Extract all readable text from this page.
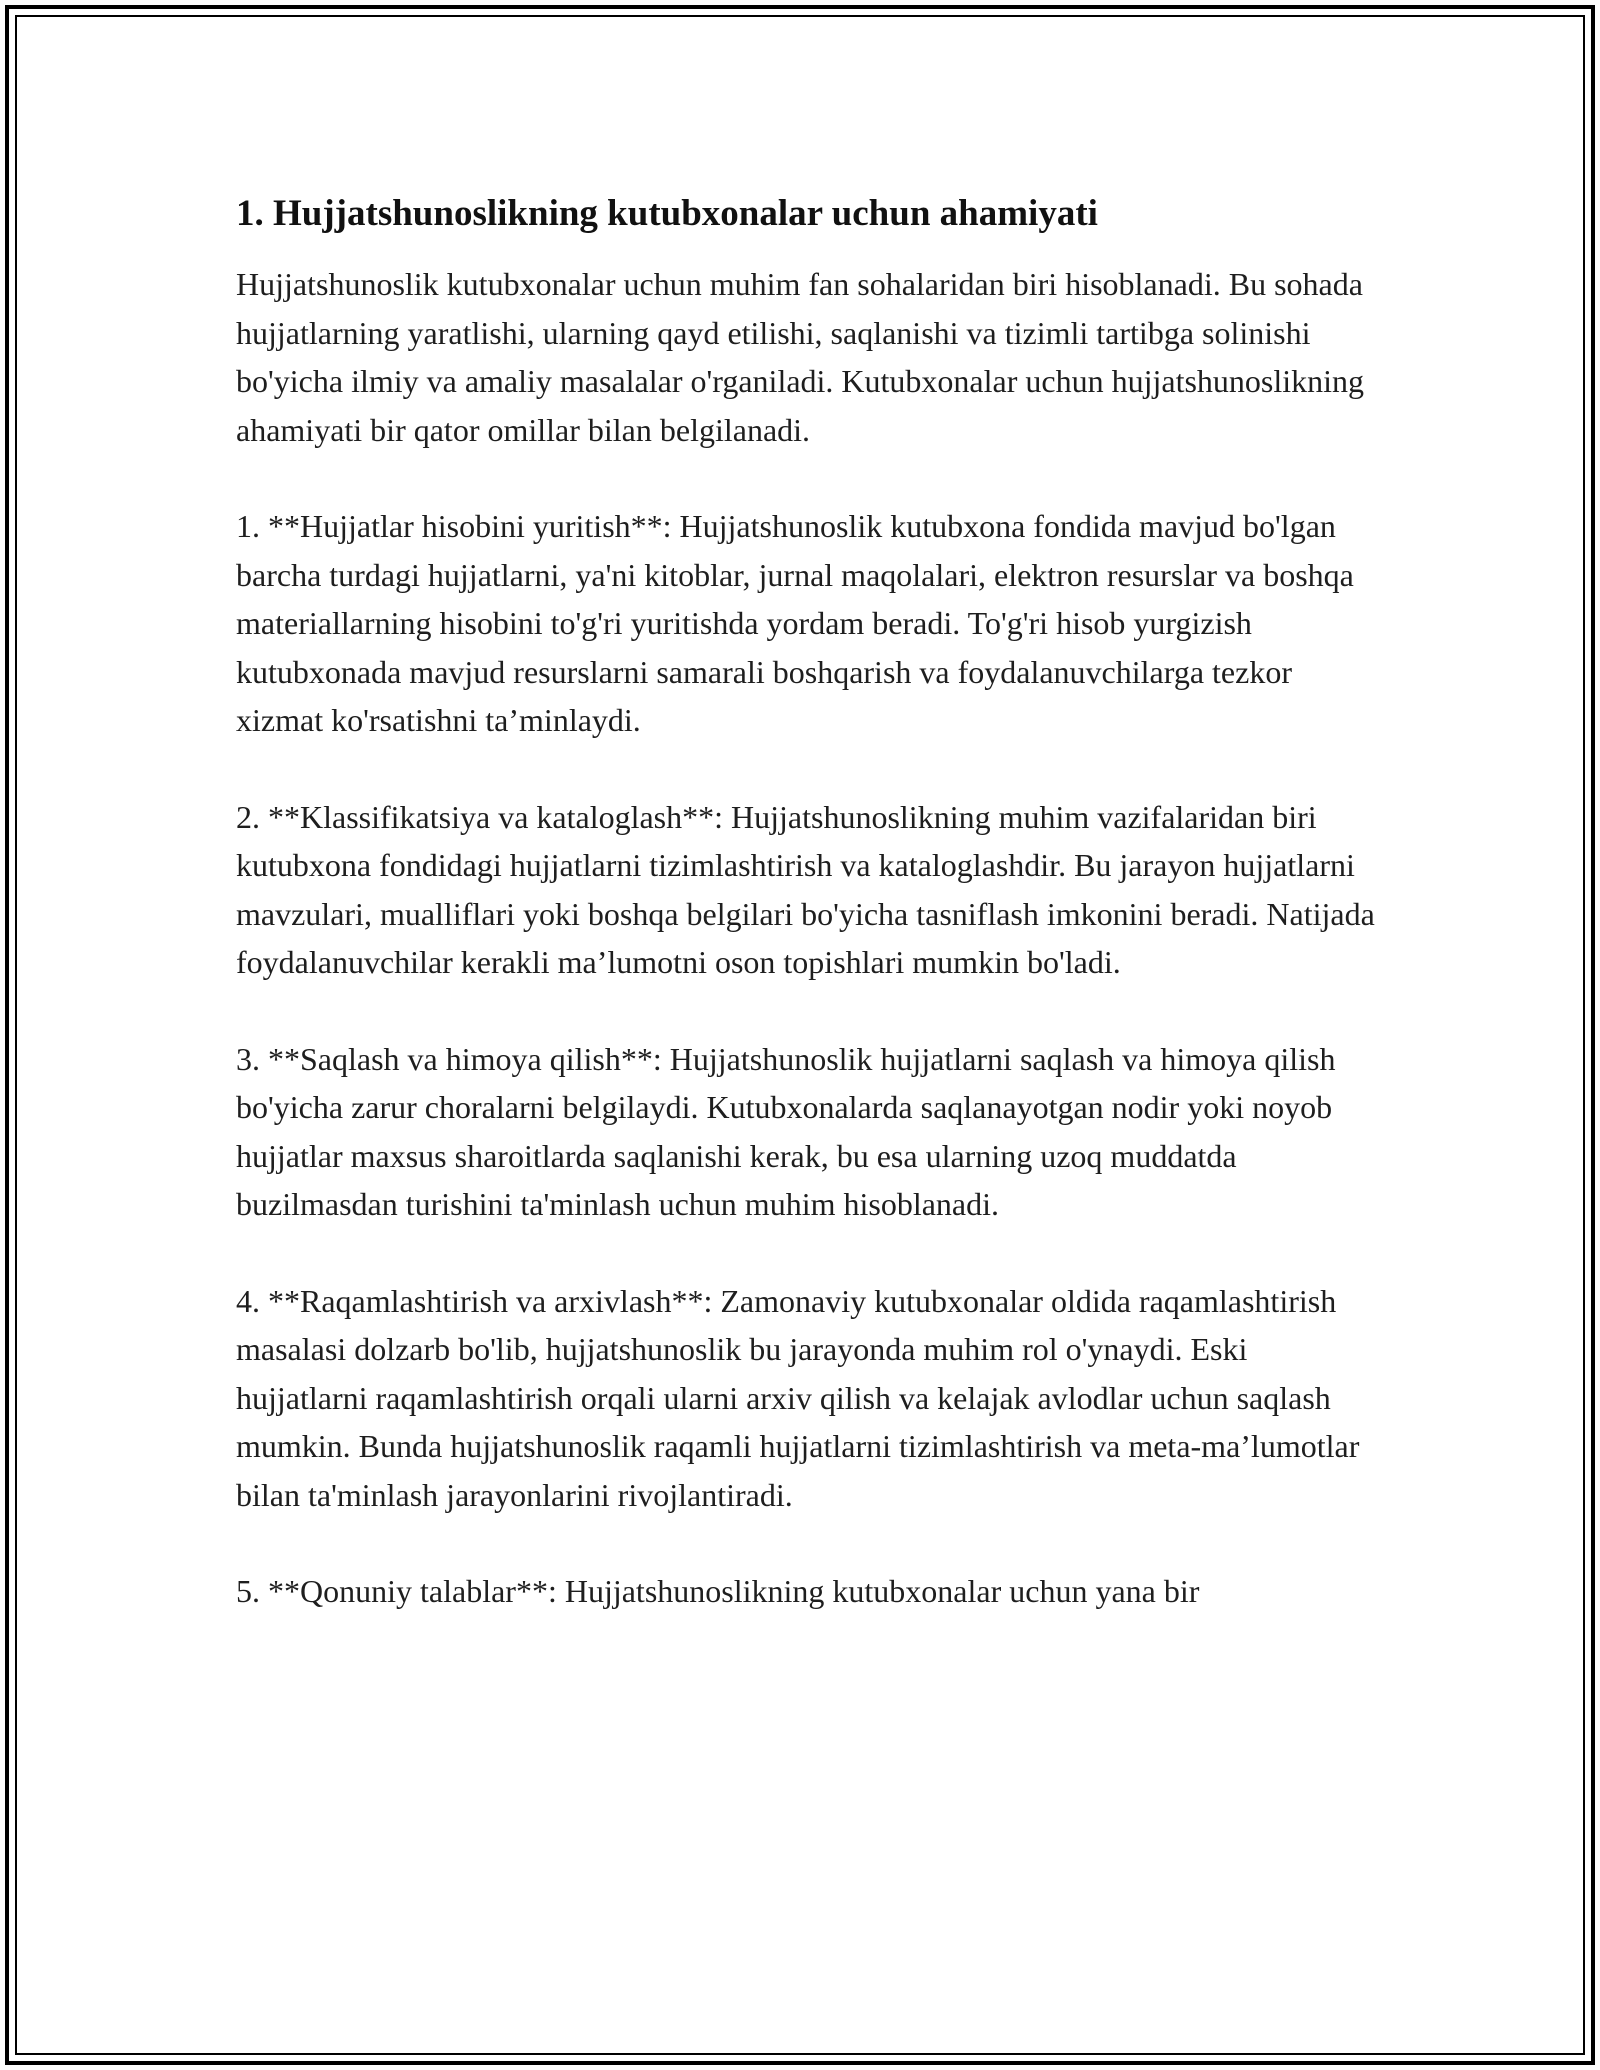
1. Hujjatshunoslikning kutubxonalar uchun ahamiyati

Hujjatshunoslik kutubxonalar uchun muhim fan sohalaridan biri hisoblanadi. Bu sohada hujjatlarning yaratlishi, ularning qayd etilishi, saqlanishi va tizimli tartibga solinishi bo'yicha ilmiy va amaliy masalalar o'rganiladi. Kutubxonalar uchun hujjatshunoslikning ahamiyati bir qator omillar bilan belgilanadi.

1. **Hujjatlar hisobini yuritish**: Hujjatshunoslik kutubxona fondida mavjud bo'lgan barcha turdagi hujjatlarni, ya'ni kitoblar, jurnal maqolalari, elektron resurslar va boshqa materiallarning hisobini to'g'ri yuritishda yordam beradi. To'g'ri hisob yurgizish kutubxonada mavjud resurslarni samarali boshqarish va foydalanuvchilarga tezkor xizmat ko'rsatishni ta’minlaydi.

2. **Klassifikatsiya va kataloglash**: Hujjatshunoslikning muhim vazifalaridan biri kutubxona fondidagi hujjatlarni tizimlashtirish va kataloglashdir. Bu jarayon hujjatlarni mavzulari, mualliflari yoki boshqa belgilari bo'yicha tasniflash imkonini beradi. Natijada foydalanuvchilar kerakli ma’lumotni oson topishlari mumkin bo'ladi.

3. **Saqlash va himoya qilish**: Hujjatshunoslik hujjatlarni saqlash va himoya qilish bo'yicha zarur choralarni belgilaydi. Kutubxonalarda saqlanayotgan nodir yoki noyob hujjatlar maxsus sharoitlarda saqlanishi kerak, bu esa ularning uzoq muddatda buzilmasdan turishini ta'minlash uchun muhim hisoblanadi.

4. **Raqamlashtirish va arxivlash**: Zamonaviy kutubxonalar oldida raqamlashtirish masalasi dolzarb bo'lib, hujjatshunoslik bu jarayonda muhim rol o'ynaydi. Eski hujjatlarni raqamlashtirish orqali ularni arxiv qilish va kelajak avlodlar uchun saqlash mumkin. Bunda hujjatshunoslik raqamli hujjatlarni tizimlashtirish va meta-ma’lumotlar bilan ta'minlash jarayonlarini rivojlantiradi.

5. **Qonuniy talablar**: Hujjatshunoslikning kutubxonalar uchun yana bir
